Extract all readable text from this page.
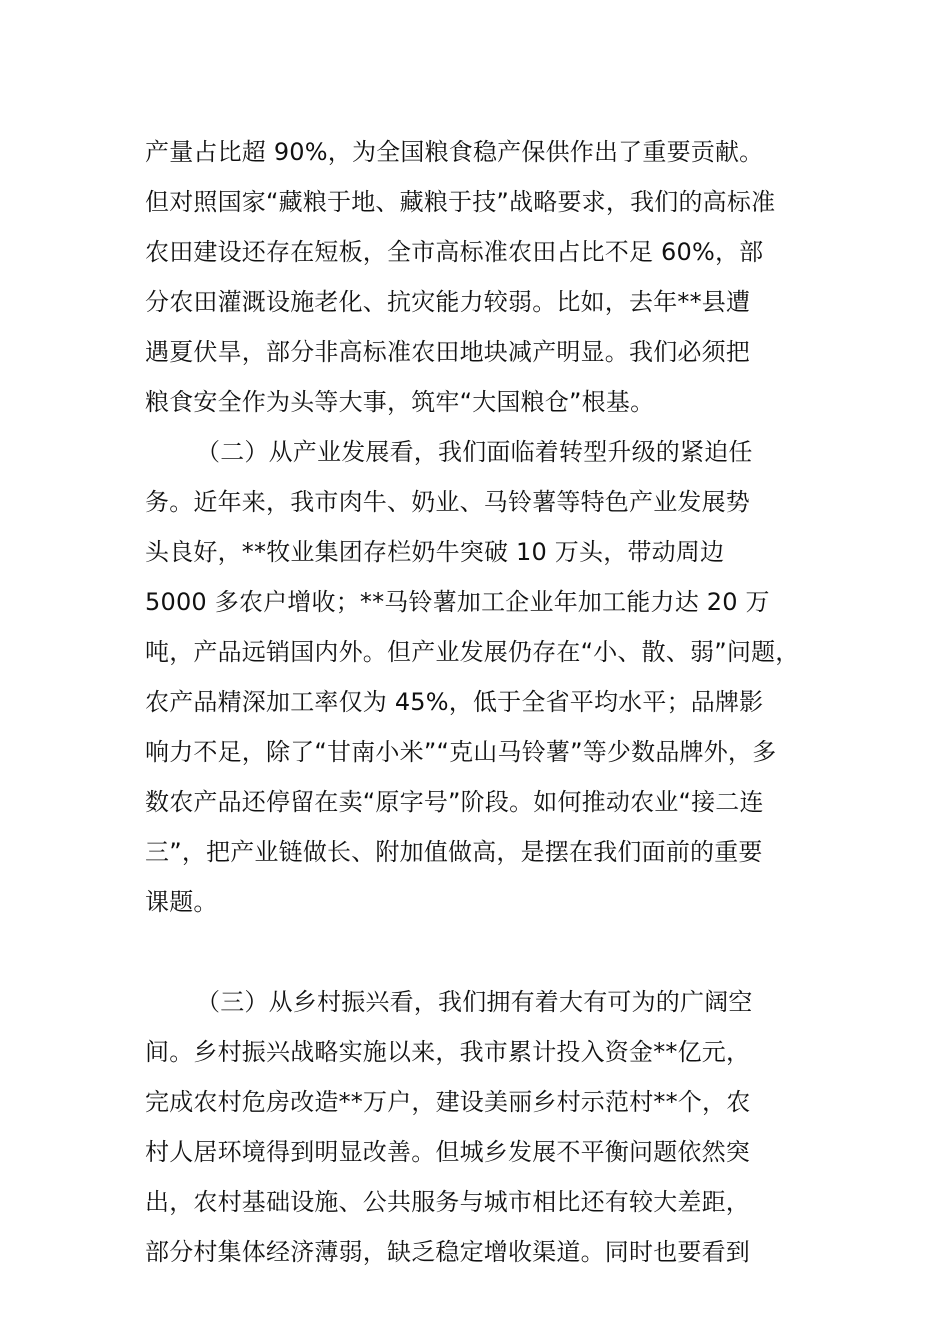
产量占比超 90%，为全国粮食稳产保供作出了重要贡献。
但对照国家“藏粮于地、藏粮于技”战略要求，我们的高标准
农田建设还存在短板，全市高标准农田占比不足 60%，部
分农田灌溉设施老化、抗灾能力较弱。比如，去年**县遭
遇夏伏旱，部分非高标准农田地块减产明显。我们必须把
粮食安全作为头等大事，筑牢“大国粮仓”根基。
（二）从产业发展看，我们面临着转型升级的紧迫任
务。近年来，我市肉牛、奶业、马铃薯等特色产业发展势
头良好，**牧业集团存栏奶牛突破 10 万头，带动周边
5000 多农户增收；**马铃薯加工企业年加工能力达 20 万
吨，产品远销国内外。但产业发展仍存在“小、散、弱”问题，
农产品精深加工率仅为 45%，低于全省平均水平；品牌影
响力不足，除了“甘南小米”“克山马铃薯”等少数品牌外，多
数农产品还停留在卖“原字号”阶段。如何推动农业“接二连
三”，把产业链做长、附加值做高，是摆在我们面前的重要
课题。
（三）从乡村振兴看，我们拥有着大有可为的广阔空
间。乡村振兴战略实施以来，我市累计投入资金**亿元，
完成农村危房改造**万户，建设美丽乡村示范村**个，农
村人居环境得到明显改善。但城乡发展不平衡问题依然突
出，农村基础设施、公共服务与城市相比还有较大差距，
部分村集体经济薄弱，缺乏稳定增收渠道。同时也要看到
